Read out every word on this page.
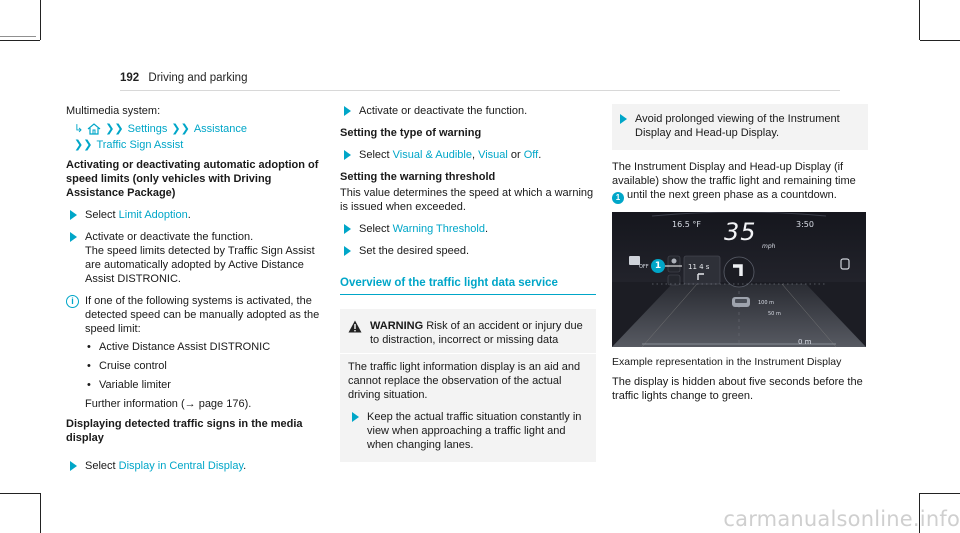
192 Driving and parking
Multimedia system:
↳ ❯❯ Settings ❯❯ Assistance
❯❯ Traffic Sign Assist
Activating or deactivating automatic adoption of speed limits (only vehicles with Driving Assistance Package)
Select Limit Adoption.
Activate or deactivate the function.
The speed limits detected by Traffic Sign Assist are automatically adopted by Active Distance Assist DISTRONIC.
i	If one of the following systems is activated, the detected speed can be manually adopted as the speed limit:
• Active Distance Assist DISTRONIC
• Cruise control
• Variable limiter
Further information (→ page 176).
Displaying detected traffic signs in the media display
Select Display in Central Display.
Activate or deactivate the function.
Setting the type of warning
Select Visual & Audible, Visual or Off.
Setting the warning threshold
This value determines the speed at which a warning is issued when exceeded.
Select Warning Threshold.
Set the desired speed.
Overview of the traffic light data service
WARNING Risk of an accident or injury due to distraction, incorrect or missing data
The traffic light information display is an aid and cannot replace the observation of the actual driving situation.
Keep the actual traffic situation constantly in view when approaching a traffic light and when changing lanes.
Avoid prolonged viewing of the Instrument Display and Head-up Display.
The Instrument Display and Head-up Display (if available) show the traffic light and remaining time 1 until the next green phase as a countdown.
16.5 °F	3:50
35
mph
OFF	11 4 s
100 m
50 m
0 m
1
Example representation in the Instrument Display
The display is hidden about five seconds before the traffic lights change to green.
carmanualsonline.info
